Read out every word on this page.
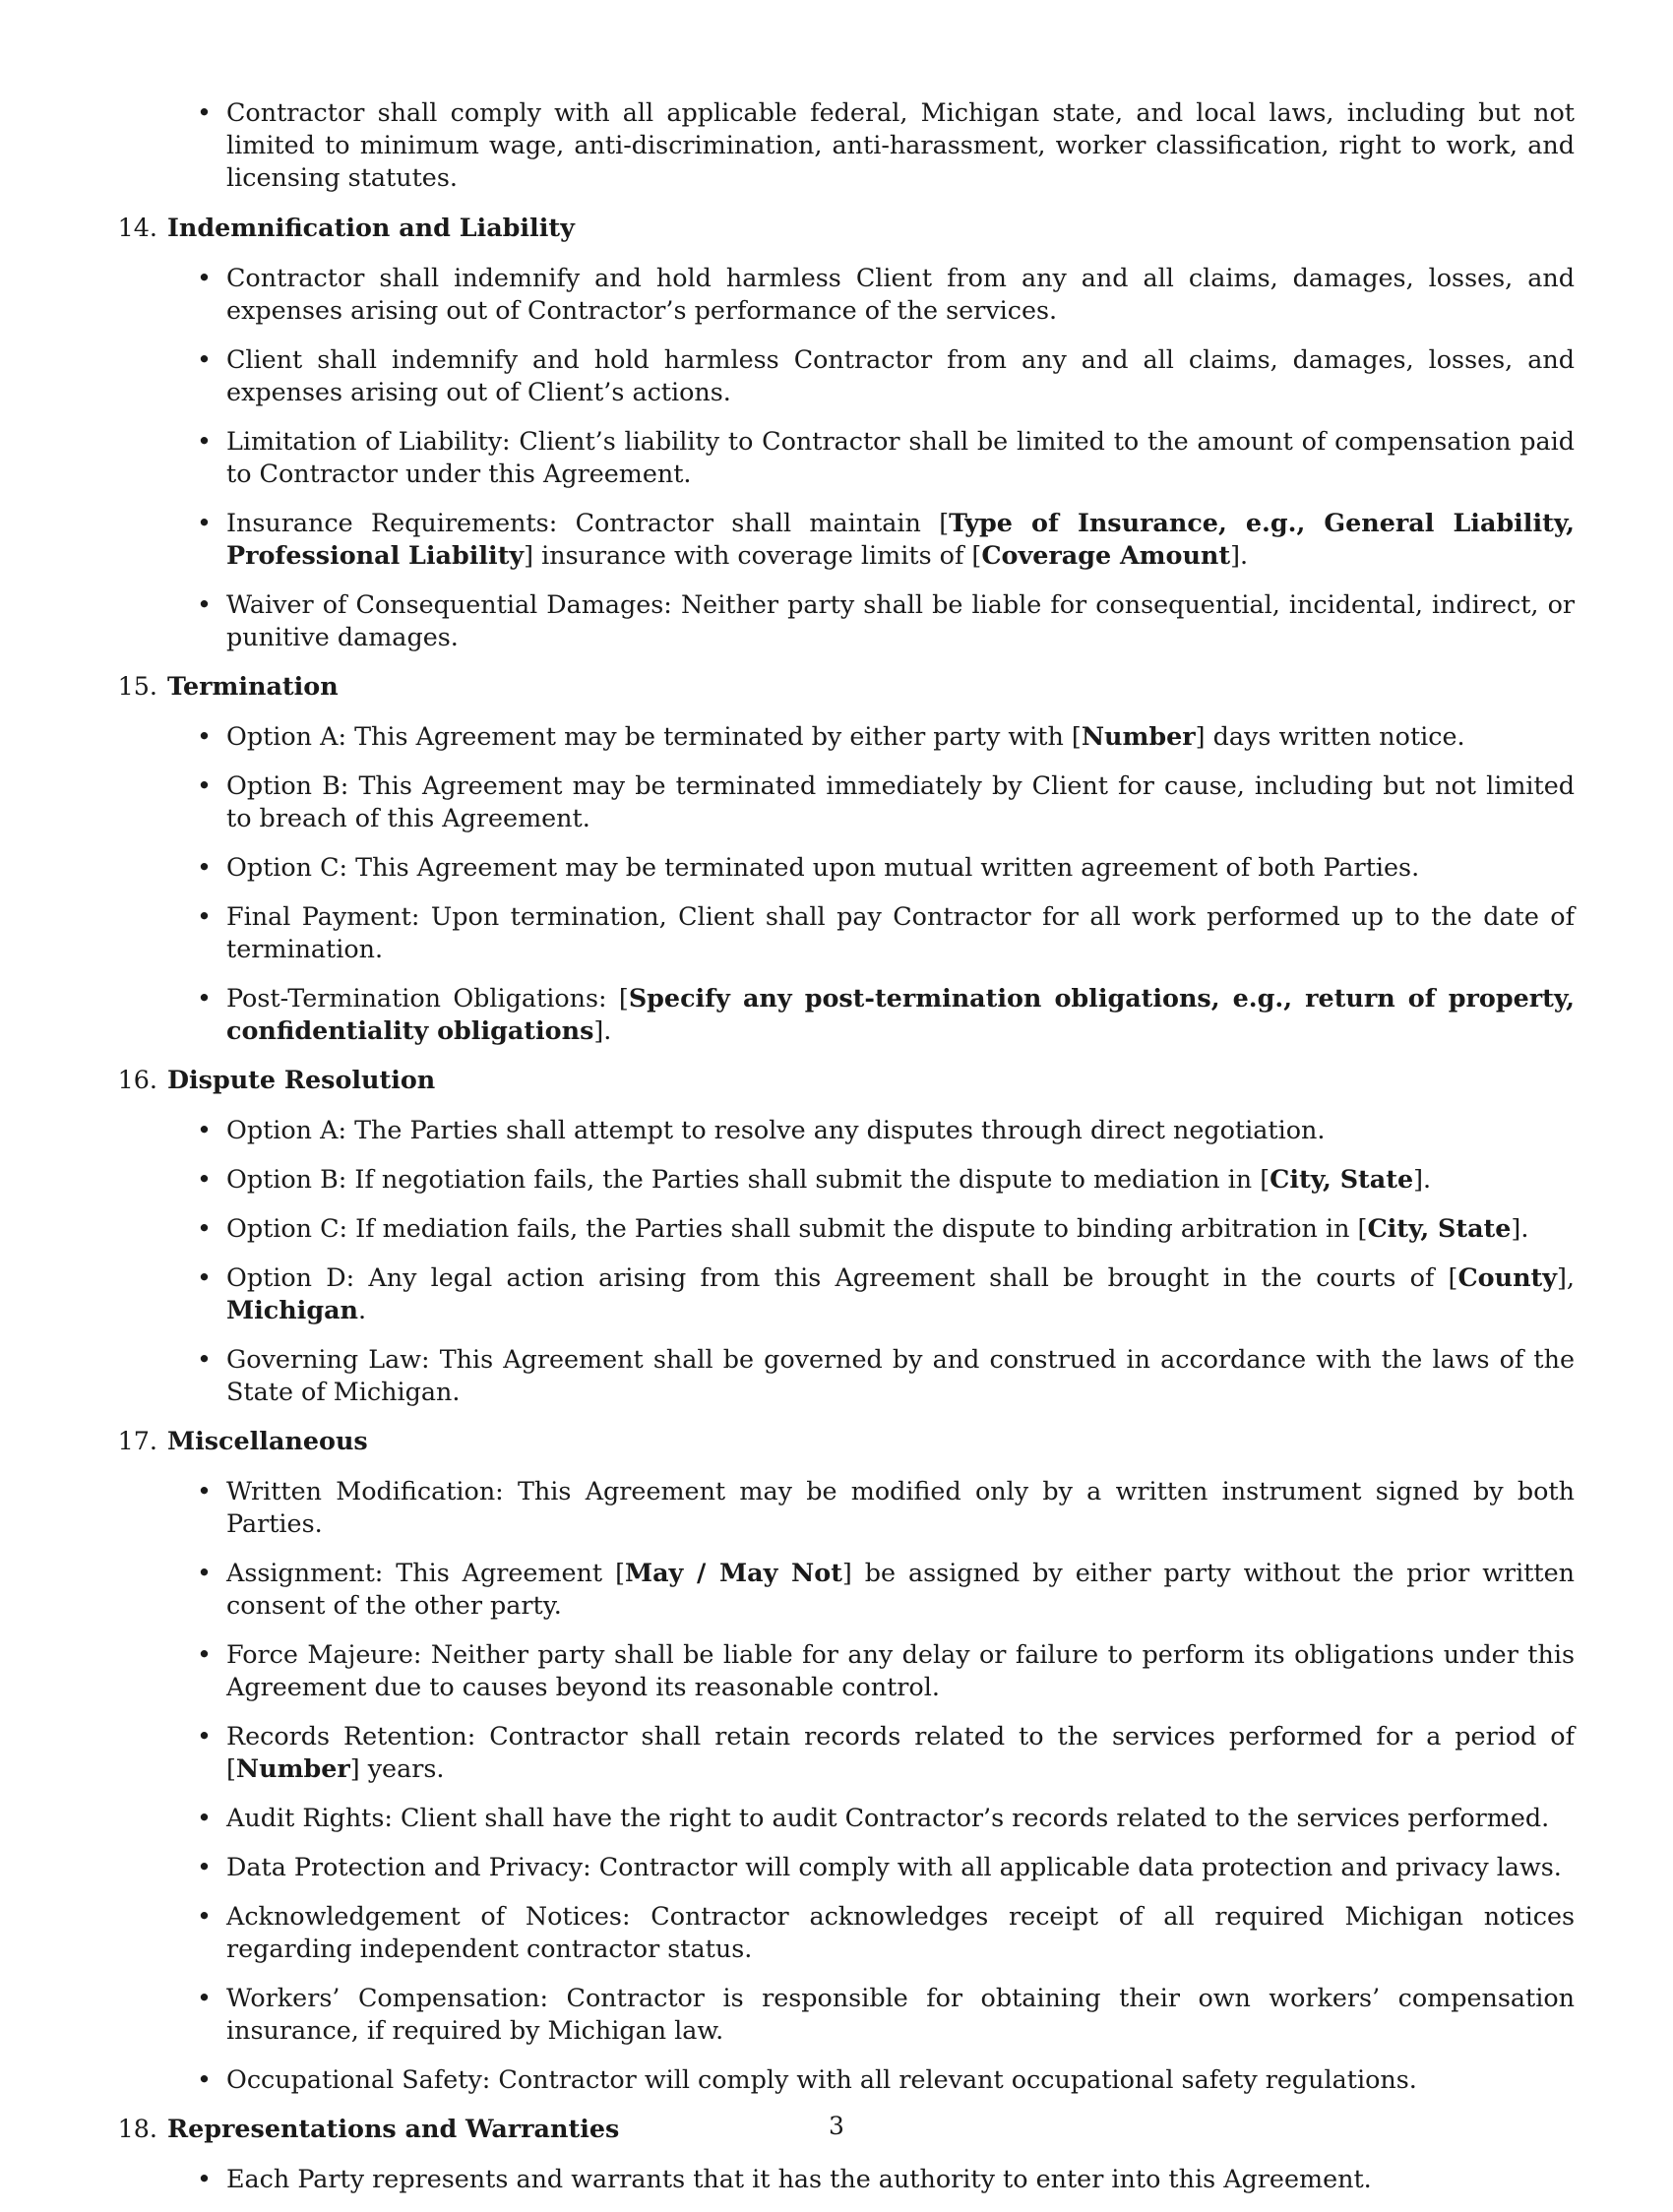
• Contractor shall comply with all applicable federal, Michigan state, and local laws, including but not limited to minimum wage, anti-discrimination, anti-harassment, worker classification, right to work, and licensing statutes.
14. Indemnification and Liability
• Contractor shall indemnify and hold harmless Client from any and all claims, damages, losses, and expenses arising out of Contractor’s performance of the services.
• Client shall indemnify and hold harmless Contractor from any and all claims, damages, losses, and expenses arising out of Client’s actions.
• Limitation of Liability: Client’s liability to Contractor shall be limited to the amount of compensation paid to Contractor under this Agreement.
• Insurance Requirements: Contractor shall maintain [Type of Insurance, e.g., General Liability, Professional Liability] insurance with coverage limits of [Coverage Amount].
• Waiver of Consequential Damages: Neither party shall be liable for consequential, incidental, indirect, or punitive damages.
15. Termination
• Option A: This Agreement may be terminated by either party with [Number] days written notice.
• Option B: This Agreement may be terminated immediately by Client for cause, including but not limited to breach of this Agreement.
• Option C: This Agreement may be terminated upon mutual written agreement of both Parties.
• Final Payment: Upon termination, Client shall pay Contractor for all work performed up to the date of termination.
• Post-Termination Obligations: [Specify any post-termination obligations, e.g., return of property, confidentiality obligations].
16. Dispute Resolution
• Option A: The Parties shall attempt to resolve any disputes through direct negotiation.
• Option B: If negotiation fails, the Parties shall submit the dispute to mediation in [City, State].
• Option C: If mediation fails, the Parties shall submit the dispute to binding arbitration in [City, State].
• Option D: Any legal action arising from this Agreement shall be brought in the courts of [County], Michigan.
• Governing Law: This Agreement shall be governed by and construed in accordance with the laws of the State of Michigan.
17. Miscellaneous
• Written Modification: This Agreement may be modified only by a written instrument signed by both Parties.
• Assignment: This Agreement [May / May Not] be assigned by either party without the prior written consent of the other party.
• Force Majeure: Neither party shall be liable for any delay or failure to perform its obligations under this Agreement due to causes beyond its reasonable control.
• Records Retention: Contractor shall retain records related to the services performed for a period of [Number] years.
• Audit Rights: Client shall have the right to audit Contractor’s records related to the services performed.
• Data Protection and Privacy: Contractor will comply with all applicable data protection and privacy laws.
• Acknowledgement of Notices: Contractor acknowledges receipt of all required Michigan notices regarding independent contractor status.
• Workers’ Compensation: Contractor is responsible for obtaining their own workers’ compensation insurance, if required by Michigan law.
• Occupational Safety: Contractor will comply with all relevant occupational safety regulations.
18. Representations and Warranties
• Each Party represents and warrants that it has the authority to enter into this Agreement.
3
